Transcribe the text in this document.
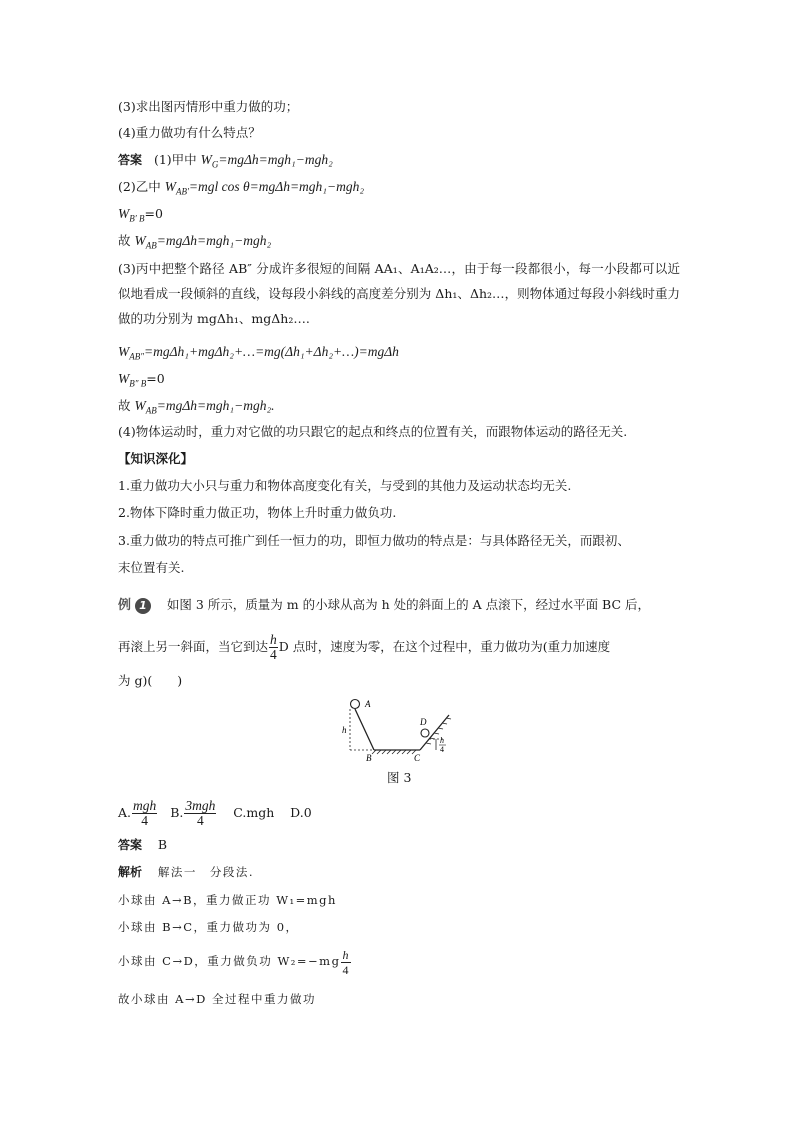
(3)求出图丙情形中重力做的功；
(4)重力做功有什么特点？
答案 (1)甲中 $W_G=mg\Delta h=mgh_1-mgh_2$
(2)乙中 $W_{AB'}=mgl$ cos θ=mgΔh=mgh₁−mgh₂
$W_{B' B}=0$
故 $W_{AB}=mg\Delta h=mgh_1-mgh_2$
(3)丙中把整个路径 AB″ 分成许多很短的间隔 AA₁、A₁A₂…，由于每一段都很小，每一小段都可以近似地看成一段倾斜的直线，设每段小斜线的高度差分别为 Δh₁、Δh₂…，则物体通过每段小斜线时重力做的功分别为 mgΔh₁、mgΔh₂….
$W_{AB''}=mg\Delta h_1+mg\Delta h_2+\dots=mg(\Delta h_1+\Delta h_2+\dots)=mg\Delta h$
$W_{B'' B}=0$
故 $W_{AB}=mg\Delta h=mgh_1-mgh_2$.
(4)物体运动时，重力对它做的功只跟它的起点和终点的位置有关，而跟物体运动的路径无关.
【知识深化】
1.重力做功大小只与重力和物体高度变化有关，与受到的其他力及运动状态均无关.
2.物体下降时重力做正功，物体上升时重力做负功.
3.重力做功的特点可推广到任一恒力的功，即恒力做功的特点是：与具体路径无关，而跟初、
末位置有关.
例 1 如图 3 所示，质量为 m 的小球从高为 h 处的斜面上的 A 点滚下，经过水平面 BC 后，
再滚上另一斜面，当它到达 $\frac{h}{4}$ D 点时，速度为零，在这个过程中，重力做功为(重力加速度
为 g)(　　)
A
h
B	C
D
h
4
图 3
A. $\frac{\text{mgh}}{4} B$. $\frac{\text{3mgh}}{4} C.mgh$ D.0
答案 B
解析 解法一　分段法.
小球由 A→B，重力做正功 W₁=mgh
小球由 B→C，重力做功为 0，
小球由 C→D，重力做负功 $W_2=-mg \frac{h}{4}$
故小球由 A→D 全过程中重力做功
